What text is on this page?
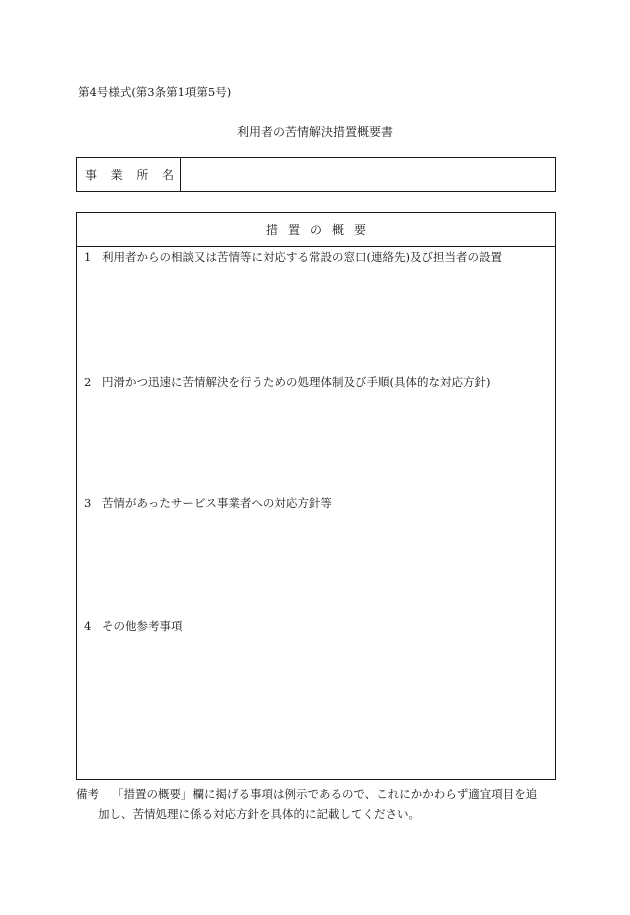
第4号様式(第3条第1項第5号)
利用者の苦情解決措置概要書
事 業 所 名
措置の概要
1 利用者からの相談又は苦情等に対応する常設の窓口(連絡先)及び担当者の設置
2 円滑かつ迅速に苦情解決を行うための処理体制及び手順(具体的な対応方針)
3 苦情があったサービス事業者への対応方針等
4 その他参考事項
備考 「措置の概要」欄に掲げる事項は例示であるので、これにかかわらず適宜項目を追
加し、苦情処理に係る対応方針を具体的に記載してください。
